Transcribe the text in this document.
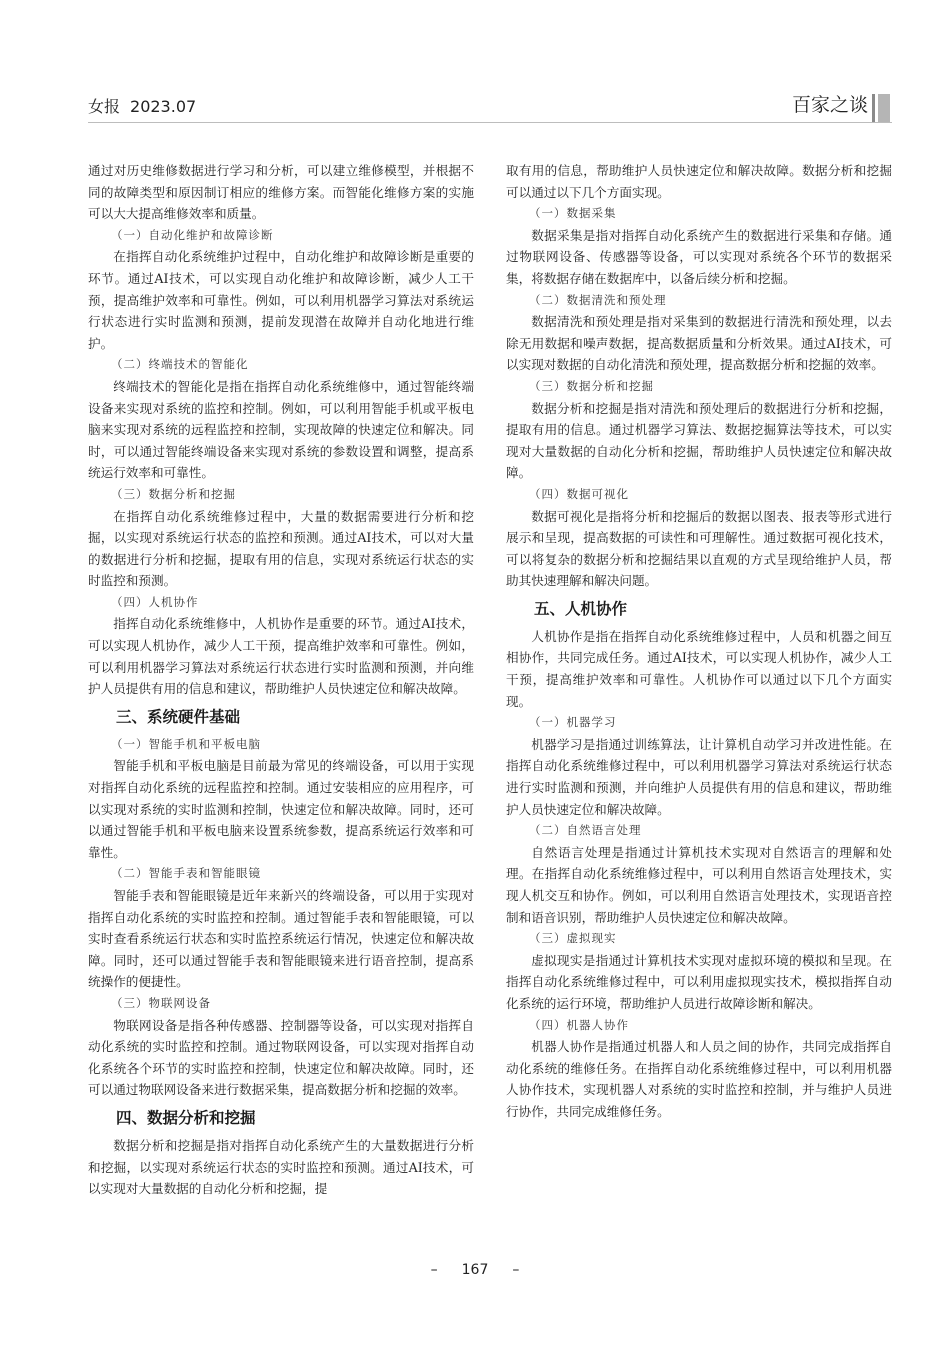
女报 2023.07	百家之谈

通过对历史维修数据进行学习和分析，可以建立维修模型，并根据不同的故障类型和原因制订相应的维修方案。而智能化维修方案的实施可以大大提高维修效率和质量。

（一）自动化维护和故障诊断

在指挥自动化系统维护过程中，自动化维护和故障诊断是重要的环节。通过AI技术，可以实现自动化维护和故障诊断，减少人工干预，提高维护效率和可靠性。例如，可以利用机器学习算法对系统运行状态进行实时监测和预测，提前发现潜在故障并自动化地进行维护。

（二）终端技术的智能化

终端技术的智能化是指在指挥自动化系统维修中，通过智能终端设备来实现对系统的监控和控制。例如，可以利用智能手机或平板电脑来实现对系统的远程监控和控制，实现故障的快速定位和解决。同时，可以通过智能终端设备来实现对系统的参数设置和调整，提高系统运行效率和可靠性。

（三）数据分析和挖掘

在指挥自动化系统维修过程中，大量的数据需要进行分析和挖掘，以实现对系统运行状态的监控和预测。通过AI技术，可以对大量的数据进行分析和挖掘，提取有用的信息，实现对系统运行状态的实时监控和预测。

（四）人机协作

指挥自动化系统维修中，人机协作是重要的环节。通过AI技术，可以实现人机协作，减少人工干预，提高维护效率和可靠性。例如，可以利用机器学习算法对系统运行状态进行实时监测和预测，并向维护人员提供有用的信息和建议，帮助维护人员快速定位和解决故障。

三、系统硬件基础

（一）智能手机和平板电脑

智能手机和平板电脑是目前最为常见的终端设备，可以用于实现对指挥自动化系统的远程监控和控制。通过安装相应的应用程序，可以实现对系统的实时监测和控制，快速定位和解决故障。同时，还可以通过智能手机和平板电脑来设置系统参数，提高系统运行效率和可靠性。

（二）智能手表和智能眼镜

智能手表和智能眼镜是近年来新兴的终端设备，可以用于实现对指挥自动化系统的实时监控和控制。通过智能手表和智能眼镜，可以实时查看系统运行状态和实时监控系统运行情况，快速定位和解决故障。同时，还可以通过智能手表和智能眼镜来进行语音控制，提高系统操作的便捷性。

（三）物联网设备

物联网设备是指各种传感器、控制器等设备，可以实现对指挥自动化系统的实时监控和控制。通过物联网设备，可以实现对指挥自动化系统各个环节的实时监控和控制，快速定位和解决故障。同时，还可以通过物联网设备来进行数据采集，提高数据分析和挖掘的效率。

四、数据分析和挖掘

数据分析和挖掘是指对指挥自动化系统产生的大量数据进行分析和挖掘，以实现对系统运行状态的实时监控和预测。通过AI技术，可以实现对大量数据的自动化分析和挖掘，提

取有用的信息，帮助维护人员快速定位和解决故障。数据分析和挖掘可以通过以下几个方面实现。

（一）数据采集

数据采集是指对指挥自动化系统产生的数据进行采集和存储。通过物联网设备、传感器等设备，可以实现对系统各个环节的数据采集，将数据存储在数据库中，以备后续分析和挖掘。

（二）数据清洗和预处理

数据清洗和预处理是指对采集到的数据进行清洗和预处理，以去除无用数据和噪声数据，提高数据质量和分析效果。通过AI技术，可以实现对数据的自动化清洗和预处理，提高数据分析和挖掘的效率。

（三）数据分析和挖掘

数据分析和挖掘是指对清洗和预处理后的数据进行分析和挖掘，提取有用的信息。通过机器学习算法、数据挖掘算法等技术，可以实现对大量数据的自动化分析和挖掘，帮助维护人员快速定位和解决故障。

（四）数据可视化

数据可视化是指将分析和挖掘后的数据以图表、报表等形式进行展示和呈现，提高数据的可读性和可理解性。通过数据可视化技术，可以将复杂的数据分析和挖掘结果以直观的方式呈现给维护人员，帮助其快速理解和解决问题。

五、人机协作

人机协作是指在指挥自动化系统维修过程中，人员和机器之间互相协作，共同完成任务。通过AI技术，可以实现人机协作，减少人工干预，提高维护效率和可靠性。人机协作可以通过以下几个方面实现。

（一）机器学习

机器学习是指通过训练算法，让计算机自动学习并改进性能。在指挥自动化系统维修过程中，可以利用机器学习算法对系统运行状态进行实时监测和预测，并向维护人员提供有用的信息和建议，帮助维护人员快速定位和解决故障。

（二）自然语言处理

自然语言处理是指通过计算机技术实现对自然语言的理解和处理。在指挥自动化系统维修过程中，可以利用自然语言处理技术，实现人机交互和协作。例如，可以利用自然语言处理技术，实现语音控制和语音识别，帮助维护人员快速定位和解决故障。

（三）虚拟现实

虚拟现实是指通过计算机技术实现对虚拟环境的模拟和呈现。在指挥自动化系统维修过程中，可以利用虚拟现实技术，模拟指挥自动化系统的运行环境，帮助维护人员进行故障诊断和解决。

（四）机器人协作

机器人协作是指通过机器人和人员之间的协作，共同完成指挥自动化系统的维修任务。在指挥自动化系统维修过程中，可以利用机器人协作技术，实现机器人对系统的实时监控和控制，并与维护人员进行协作，共同完成维修任务。

– 167 –
